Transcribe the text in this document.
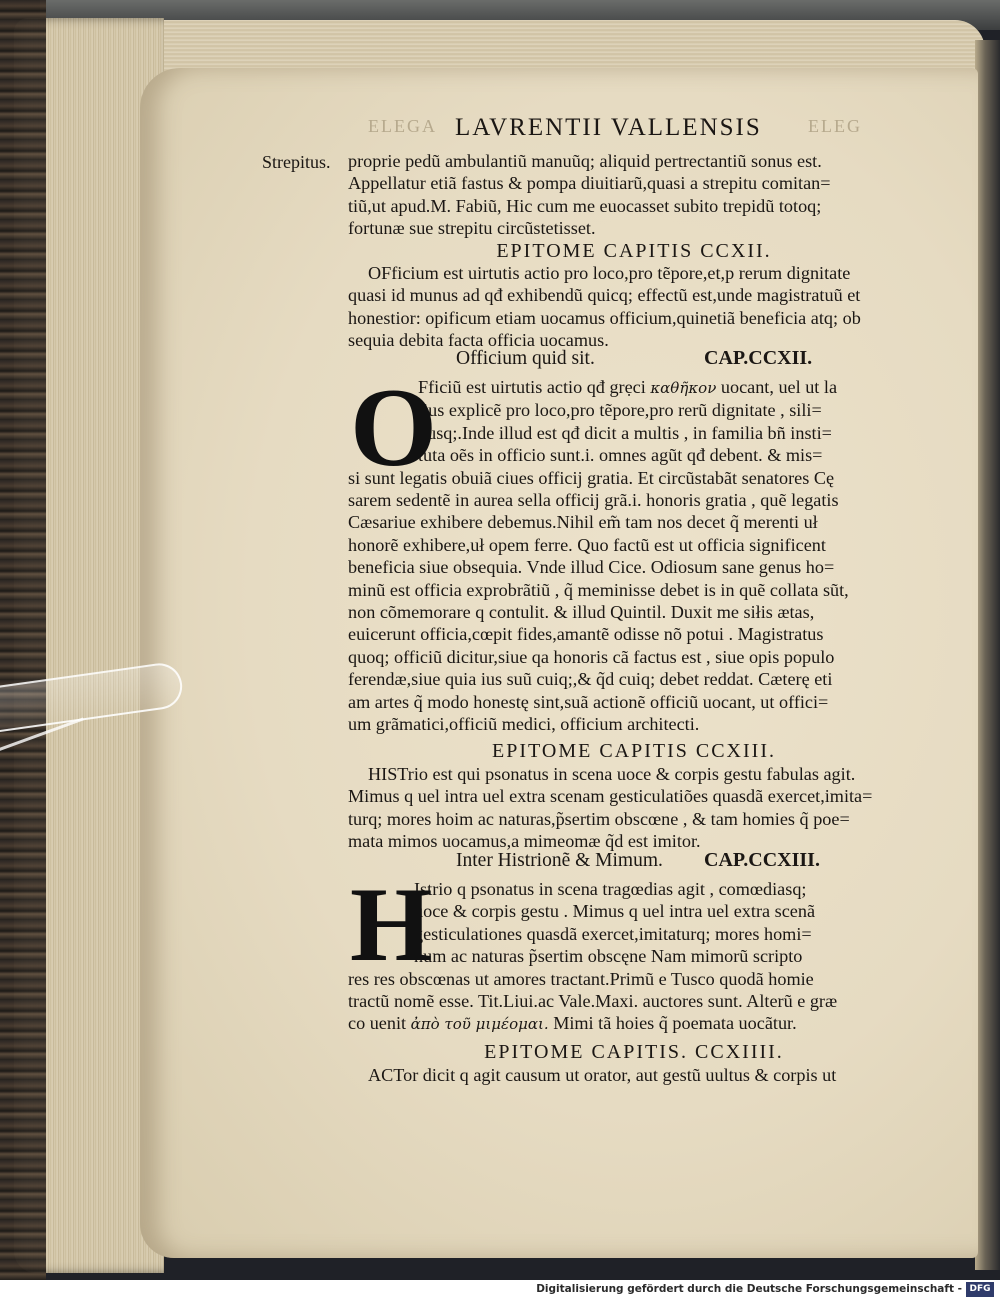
ELEGA LAVRENTII VALLENSIS	ELEG
Strepitus. proprie pedũ ambulantiũ manuũq; aliquid pertrectantiũ sonus est.

Appellatur etiã fastus & pompa diuitiarũ,quasi a strepitu comitan=

tiũ,ut apud.M. Fabiũ, Hic cum me euocasset subito trepidũ totoq;

fortunæ sue strepitu circũstetisset.

EPITOME CAPITIS CCXII.

OFficium est uirtutis actio pro loco,pro tẽpore,et,p rerum dignitate

quasi id munus ad qđ exhibendũ quicq; effectũ est,unde magistratuũ et

honestior: opificum etiam uocamus officium,quinetiã beneficia atq; ob

sequia debita facta officia uocamus.

Officium quid sit.	CAP.CCXII.
O

Fficiũ est uirtutis actio qđ grẹci καθῆκον uocant, uel ut la

tius explicẽ pro loco,pro tẽpore,pro rerũ dignitate , sili=

busq;.Inde illud est qđ dicit a multis , in familia bñ insti=

tuta oẽs in officio sunt.i. omnes agũt qđ debent. & mis=

si sunt legatis obuiã ciues officij gratia. Et circũstabãt senatores Cę

sarem sedentẽ in aurea sella officij grã.i. honoris gratia , quẽ legatis

Cæsariue exhibere debemus.Nihil em̃ tam nos decet q̃ merenti uł

honorẽ exhibere,uł opem ferre. Quo factũ est ut officia significent

beneficia siue obsequia. Vnde illud Cice. Odiosum sane genus ho=

minũ est officia exprobrãtiũ , q̃ meminisse debet is in quẽ collata sũt,

non cõmemorare q contulit. & illud Quintil. Duxit me siłis ætas,

euicerunt officia,cœpit fides,amantẽ odisse nõ potui . Magistratus

quoq; officiũ dicitur,siue qa honoris cã factus est , siue opis populo

ferendæ,siue quia ius suũ cuiq;,& q̃d cuiq; debet reddat. Cæterę eti

am artes q̃ modo honestę sint,suã actionẽ officiũ uocant, ut offici=

um grãmatici,officiũ medici, officium architecti.

EPITOME CAPITIS CCXIII.

HISTrio est qui psonatus in scena uoce & corpis gestu fabulas agit.

Mimus q uel intra uel extra scenam gesticulatiões quasdã exercet,imita=

turq; mores hoim ac naturas,p̃sertim obscœne , & tam homies q̃ poe=

mata mimos uocamus,a mimeomæ q̃d est imitor.

Inter Histrionẽ & Mimum. CAP.CCXIII.
H

Istrio q psonatus in scena tragœdias agit , comœdiasq;

uoce & corpis gestu . Mimus q uel intra uel extra scenã

gesticulationes quasdã exercet,imitaturq; mores homi=

num ac naturas p̃sertim obscęne Nam mimorũ scripto

res res obscœnas ut amores tractant.Primũ e Tusco quodã homie

tractũ nomẽ esse. Tit.Liui.ac Vale.Maxi. auctores sunt. Alterũ e græ

co uenit ἀπὸ τοῦ μιμέομαι. Mimi tã hoies q̃ poemata uocãtur.

EPITOME CAPITIS. CCXIIII.

ACTor dicit q agit causum ut orator, aut gestũ uultus & corpis ut

Digitalisierung gefördert durch die Deutsche Forschungsgemeinschaft - DFG
